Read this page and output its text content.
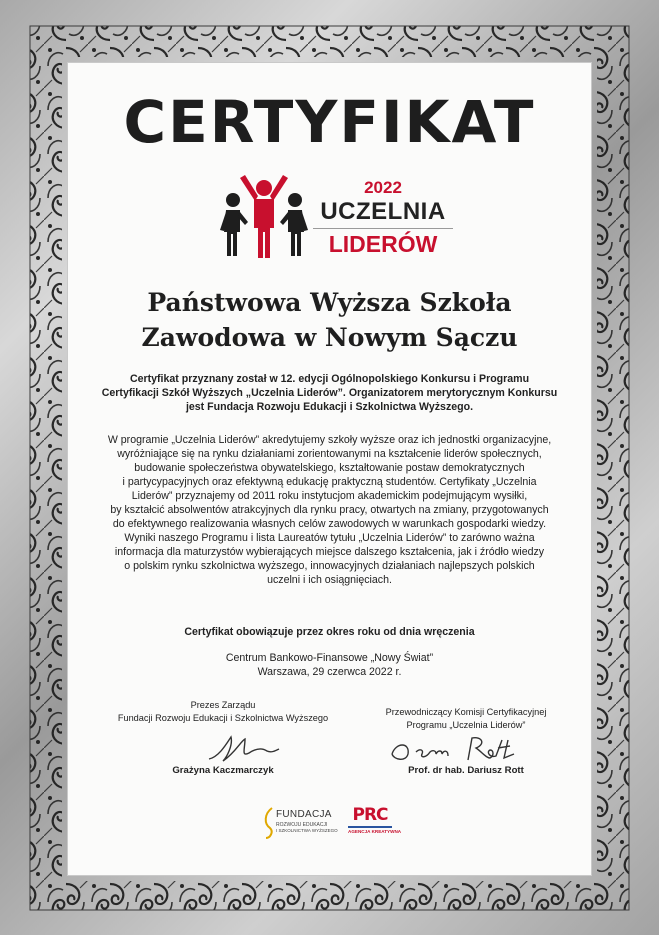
CERTYFIKAT
2022
UCZELNIA
LIDERÓW
Państwowa Wyższa Szkoła
Zawodowa w Nowym Sączu
Certyfikat przyznany został w 12. edycji Ogólnopolskiego Konkursu i Programu
Certyfikacji Szkół Wyższych „Uczelnia Liderów”. Organizatorem merytorycznym Konkursu
jest Fundacja Rozwoju Edukacji i Szkolnictwa Wyższego.
W programie „Uczelnia Liderów” akredytujemy szkoły wyższe oraz ich jednostki organizacyjne,
wyróżniające się na rynku działaniami zorientowanymi na kształcenie liderów społecznych,
budowanie społeczeństwa obywatelskiego, kształtowanie postaw demokratycznych
i partycypacyjnych oraz efektywną edukację praktyczną studentów. Certyfikaty „Uczelnia
Liderów” przyznajemy od 2011 roku instytucjom akademickim podejmującym wysiłki,
by kształcić absolwentów atrakcyjnych dla rynku pracy, otwartych na zmiany, przygotowanych
do efektywnego realizowania własnych celów zawodowych w warunkach gospodarki wiedzy.
Wyniki naszego Programu i lista Laureatów tytułu „Uczelnia Liderów” to zarówno ważna
informacja dla maturzystów wybierających miejsce dalszego kształcenia, jak i źródło wiedzy
o polskim rynku szkolnictwa wyższego, innowacyjnych działaniach najlepszych polskich
uczelni i ich osiągnięciach.
Certyfikat obowiązuje przez okres roku od dnia wręczenia
Centrum Bankowo-Finansowe „Nowy Świat”
Warszawa, 29 czerwca 2022 r.
Prezes Zarządu
Fundacji Rozwoju Edukacji i Szkolnictwa Wyższego
Grażyna Kaczmarczyk
Przewodniczący Komisji Certyfikacyjnej
Programu „Uczelnia Liderów”
Prof. dr hab. Dariusz Rott
FUNDACJA
ROZWOJU EDUKACJI
I SZKOLNICTWA WYŻSZEGO
PRC
AGENCJA KREATYWNA
